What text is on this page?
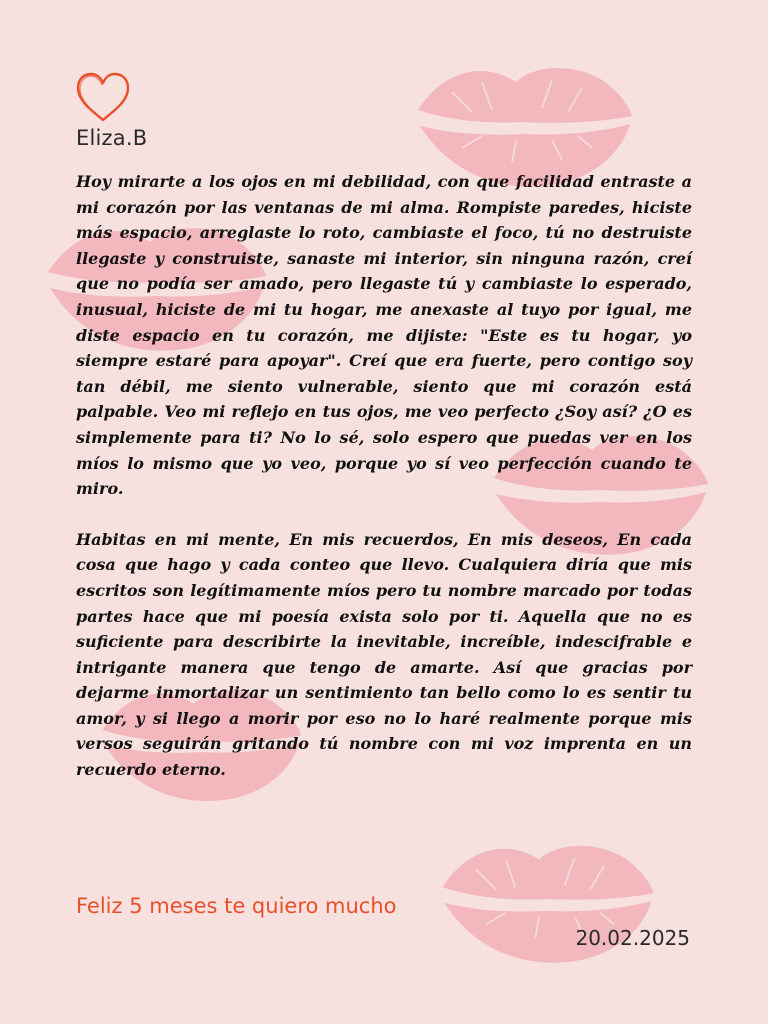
Eliza.B

Hoy mirarte a los ojos en mi debilidad, con que facilidad entraste a mi corazón por las ventanas de mi alma. Rompiste paredes, hiciste más espacio, arreglaste lo roto, cambiaste el foco, tú no destruiste llegaste y construiste, sanaste mi interior, sin ninguna razón, creí que no podía ser amado, pero llegaste tú y cambiaste lo esperado, inusual, hiciste de mi tu hogar, me anexaste al tuyo por igual, me diste espacio en tu corazón, me dijiste: "Este es tu hogar, yo siempre estaré para apoyar". Creí que era fuerte, pero contigo soy tan débil, me siento vulnerable, siento que mi corazón está palpable. Veo mi reflejo en tus ojos, me veo perfecto ¿Soy así? ¿O es simplemente para ti? No lo sé, solo espero que puedas ver en los míos lo mismo que yo veo, porque yo sí veo perfección cuando te miro.

Habitas en mi mente, En mis recuerdos, En mis deseos, En cada cosa que hago y cada conteo que llevo. Cualquiera diría que mis escritos son legítimamente míos pero tu nombre marcado por todas partes hace que mi poesía exista solo por ti. Aquella que no es suficiente para describirte la inevitable, increíble, indescifrable e intrigante manera que tengo de amarte. Así que gracias por dejarme inmortalizar un sentimiento tan bello como lo es sentir tu amor, y si llego a morir por eso no lo haré realmente porque mis versos seguirán gritando tú nombre con mi voz imprenta en un recuerdo eterno.

Feliz 5 meses te quiero mucho
20.02.2025
